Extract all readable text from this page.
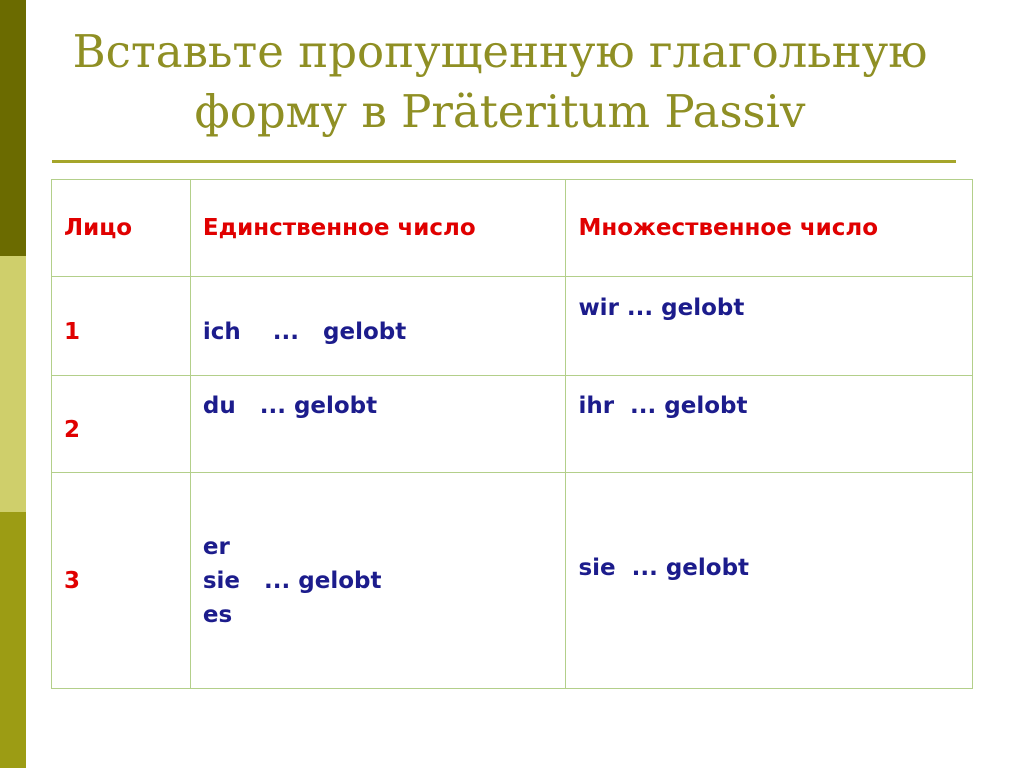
Вставьте пропущенную глагольную
форму в Präteritum Passiv
Лицо	Единственное число	Множественное число
1	ich    ...   gelobt	wir ... gelobt

2	du   ... gelobt	ihr  ... gelobt

3	er
sie   ... gelobt
es	sie  ... gelobt
